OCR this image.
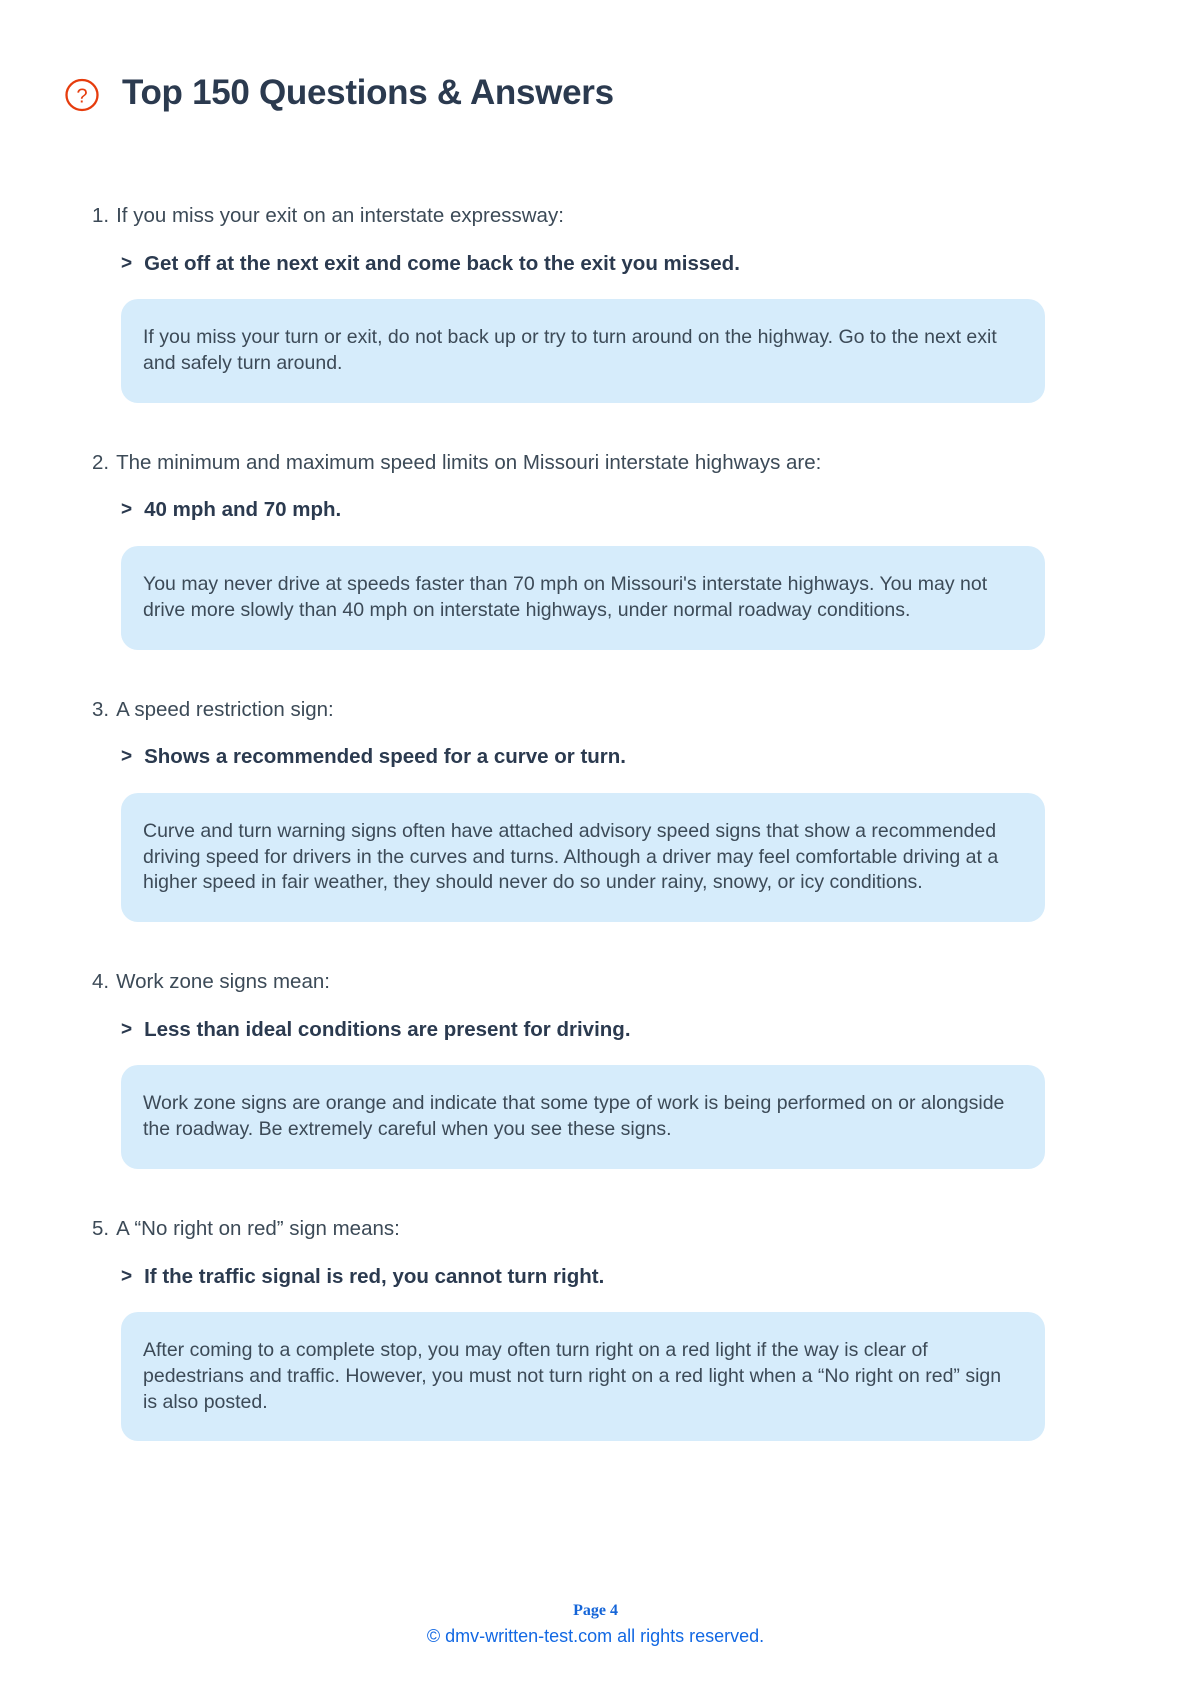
? Top 150 Questions & Answers
1. If you miss your exit on an interstate expressway:
> Get off at the next exit and come back to the exit you missed.
If you miss your turn or exit, do not back up or try to turn around on the highway. Go to the next exit and safely turn around.
2. The minimum and maximum speed limits on Missouri interstate highways are:
> 40 mph and 70 mph.
You may never drive at speeds faster than 70 mph on Missouri's interstate highways. You may not drive more slowly than 40 mph on interstate highways, under normal roadway conditions.
3. A speed restriction sign:
> Shows a recommended speed for a curve or turn.
Curve and turn warning signs often have attached advisory speed signs that show a recommended driving speed for drivers in the curves and turns. Although a driver may feel comfortable driving at a higher speed in fair weather, they should never do so under rainy, snowy, or icy conditions.
4. Work zone signs mean:
> Less than ideal conditions are present for driving.
Work zone signs are orange and indicate that some type of work is being performed on or alongside the roadway. Be extremely careful when you see these signs.
5. A “No right on red” sign means:
> If the traffic signal is red, you cannot turn right.
After coming to a complete stop, you may often turn right on a red light if the way is clear of pedestrians and traffic. However, you must not turn right on a red light when a “No right on red” sign is also posted.
Page 4
© dmv-written-test.com all rights reserved.
